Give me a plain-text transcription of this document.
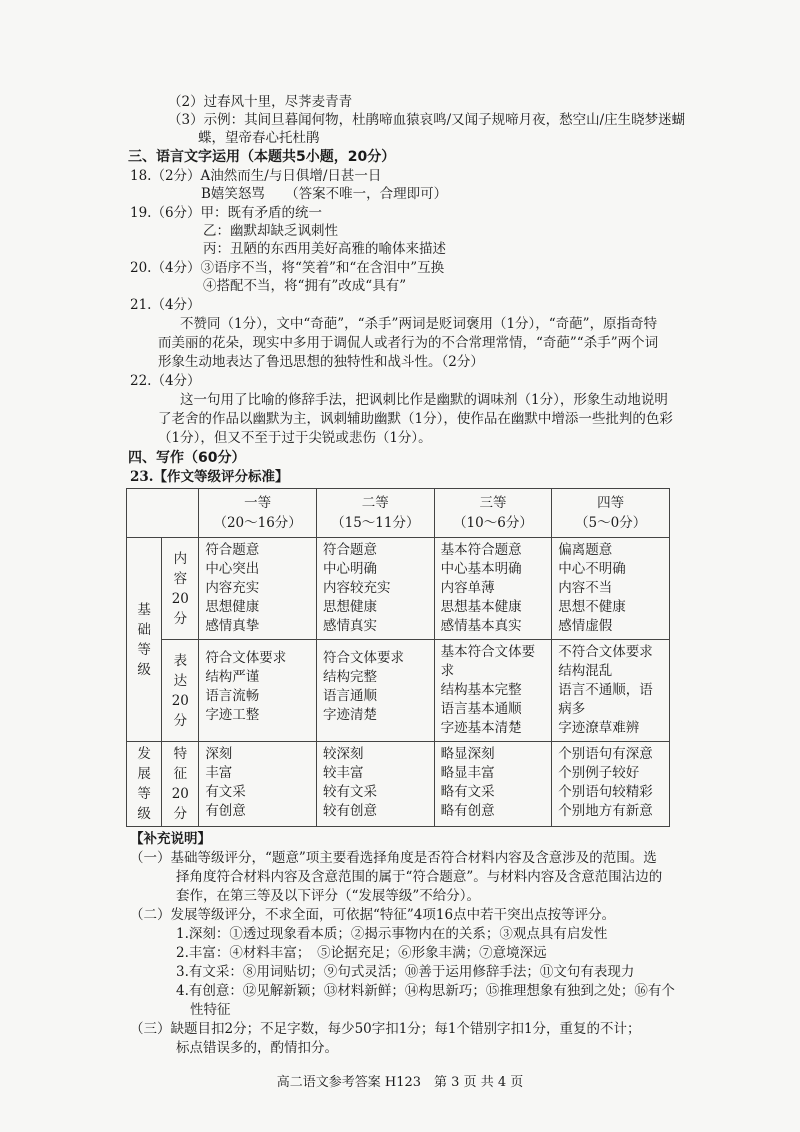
（2）过春风十里，尽荠麦青青
（3）示例：其间旦暮闻何物，杜鹃啼血猿哀鸣/又闻子规啼月夜，愁空山/庄生晓梦迷蝴
蝶，望帝春心托杜鹃
三、语言文字运用（本题共5小题，20分）
18.（2分）A油然而生/与日俱增/日甚一日
B嬉笑怒骂　　（答案不唯一，合理即可）
19.（6分）甲：既有矛盾的统一
乙：幽默却缺乏讽刺性
丙：丑陋的东西用美好高雅的喻体来描述
20.（4分）③语序不当，将“笑着”和“在含泪中”互换
④搭配不当，将“拥有”改成“具有”
21.（4分）
不赞同（1分），文中“奇葩”，“杀手”两词是贬词褒用（1分），“奇葩”，原指奇特
而美丽的花朵，现实中多用于调侃人或者行为的不合常理常情，“奇葩”“杀手”两个词
形象生动地表达了鲁迅思想的独特性和战斗性。（2分）
22.（4分）
这一句用了比喻的修辞手法，把讽刺比作是幽默的调味剂（1分），形象生动地说明
了老舍的作品以幽默为主，讽刺辅助幽默（1分），使作品在幽默中增添一些批判的色彩
（1分），但又不至于过于尖锐或悲伤（1分）。
四、写作（60分）
23.【作文等级评分标准】

		一等
（20～16分）	二等
（15～11分）	三等
（10～6分）	四等
（5～0分）

基
础
等
级	内
容
20
分	符合题意
中心突出
内容充实
思想健康
感情真挚	符合题意
中心明确
内容较充实
思想健康
感情真实	基本符合题意
中心基本明确
内容单薄
思想基本健康
感情基本真实	偏离题意
中心不明确
内容不当
思想不健康
感情虚假

	表
达
20
分	符合文体要求
结构严谨
语言流畅
字迹工整	符合文体要求
结构完整
语言通顺
字迹清楚	基本符合文体要
求
结构基本完整
语言基本通顺
字迹基本清楚	不符合文体要求
结构混乱
语言不通顺，语
病多
字迹潦草难辨

发
展
等
级	特
征
20
分	深刻
丰富
有文采
有创意	较深刻
较丰富
较有文采
较有创意	略显深刻
略显丰富
略有文采
略有创意	个别语句有深意
个别例子较好
个别语句较精彩
个别地方有新意
【补充说明】
（一）基础等级评分，“题意”项主要看选择角度是否符合材料内容及含意涉及的范围。选
择角度符合材料内容及含意范围的属于“符合题意”。与材料内容及含意范围沾边的
套作，在第三等及以下评分（“发展等级”不给分）。
（二）发展等级评分，不求全面，可依据“特征”4项16点中若干突出点按等评分。
1.深刻：①透过现象看本质；②揭示事物内在的关系；③观点具有启发性
2.丰富：④材料丰富；　⑤论据充足；⑥形象丰满；⑦意境深远
3.有文采：⑧用词贴切；⑨句式灵活；⑩善于运用修辞手法；⑪文句有表现力
4.有创意：⑫见解新颖；⑬材料新鲜；⑭构思新巧；⑮推理想象有独到之处；⑯有个
性特征
（三）缺题目扣2分；不足字数，每少50字扣1分；每1个错别字扣1分，重复的不计；
标点错误多的，酌情扣分。
高二语文参考答案 H123　第 3 页 共 4 页
